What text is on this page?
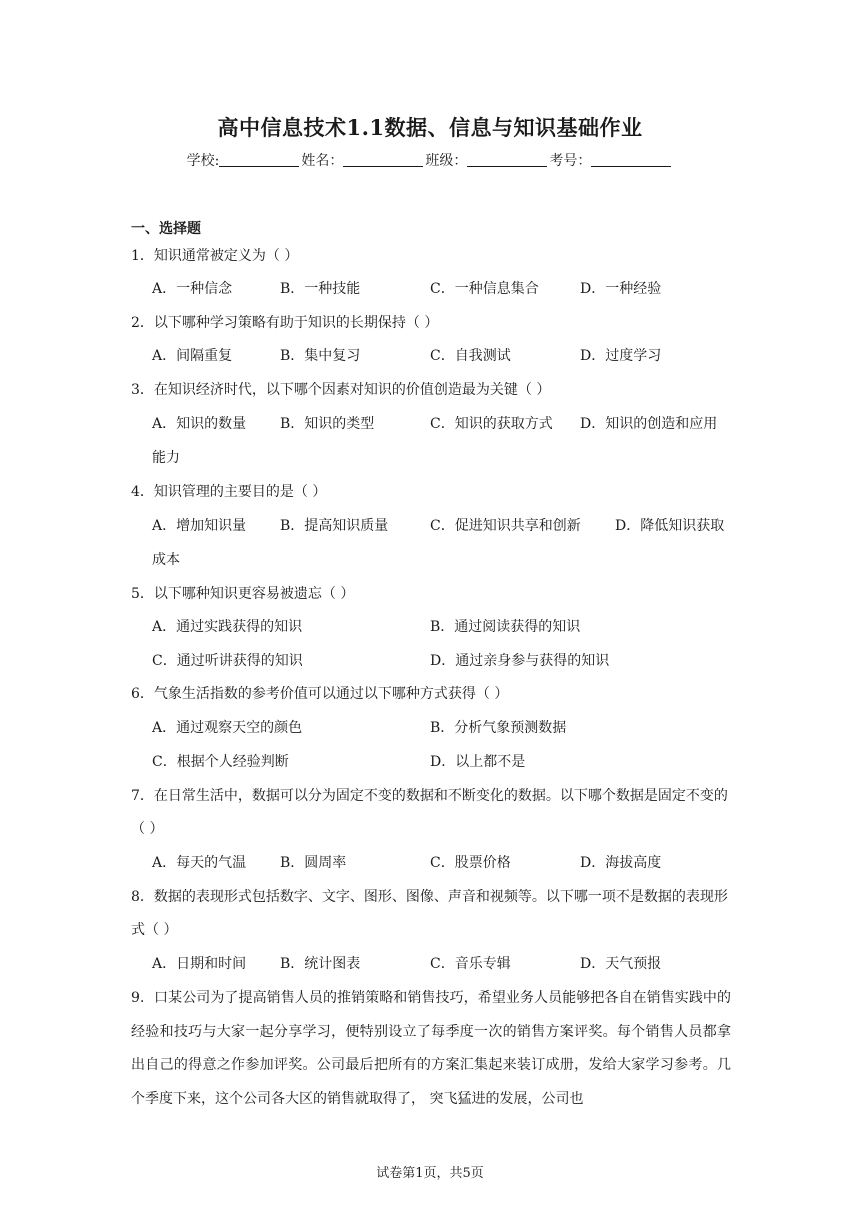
高中信息技术1.1数据、信息与知识基础作业
学校:	姓名：	班级：	考号：
一、选择题
1．知识通常被定义为（ ）
A．一种信念	B．一种技能	C．一种信息集合	D．一种经验
2．以下哪种学习策略有助于知识的长期保持（ ）
A．间隔重复	B．集中复习	C．自我测试	D．过度学习
3．在知识经济时代，以下哪个因素对知识的价值创造最为关键（ ）
A．知识的数量 B．知识的类型	C．知识的获取方式 D．知识的创造和应用
能力
4．知识管理的主要目的是（ ）
A．增加知识量 B．提高知识质量	C．促进知识共享和创新 D．降低知识获取
成本
5．以下哪种知识更容易被遗忘（ ）
A．通过实践获得的知识	B．通过阅读获得的知识
C．通过听讲获得的知识	D．通过亲身参与获得的知识
6．气象生活指数的参考价值可以通过以下哪种方式获得（ ）
A．通过观察天空的颜色	B．分析气象预测数据
C．根据个人经验判断	D．以上都不是
7．在日常生活中，数据可以分为固定不变的数据和不断变化的数据。以下哪个数据是固定不变的（ ）
A．每天的气温 B．圆周率	C．股票价格	D．海拔高度
8．数据的表现形式包括数字、文字、图形、图像、声音和视频等。以下哪一项不是数据的表现形式（ ）
A．日期和时间 B．统计图表	C．音乐专辑	D．天气预报
9．口某公司为了提高销售人员的推销策略和销售技巧，希望业务人员能够把各自在销售实践中的经验和技巧与大家一起分享学习，便特别设立了每季度一次的销售方案评奖。每个销售人员都拿出自己的得意之作参加评奖。公司最后把所有的方案汇集起来装订成册，发给大家学习参考。几个季度下来，这个公司各大区的销售就取得了， 突飞猛进的发展，公司也
试卷第1页，共5页
